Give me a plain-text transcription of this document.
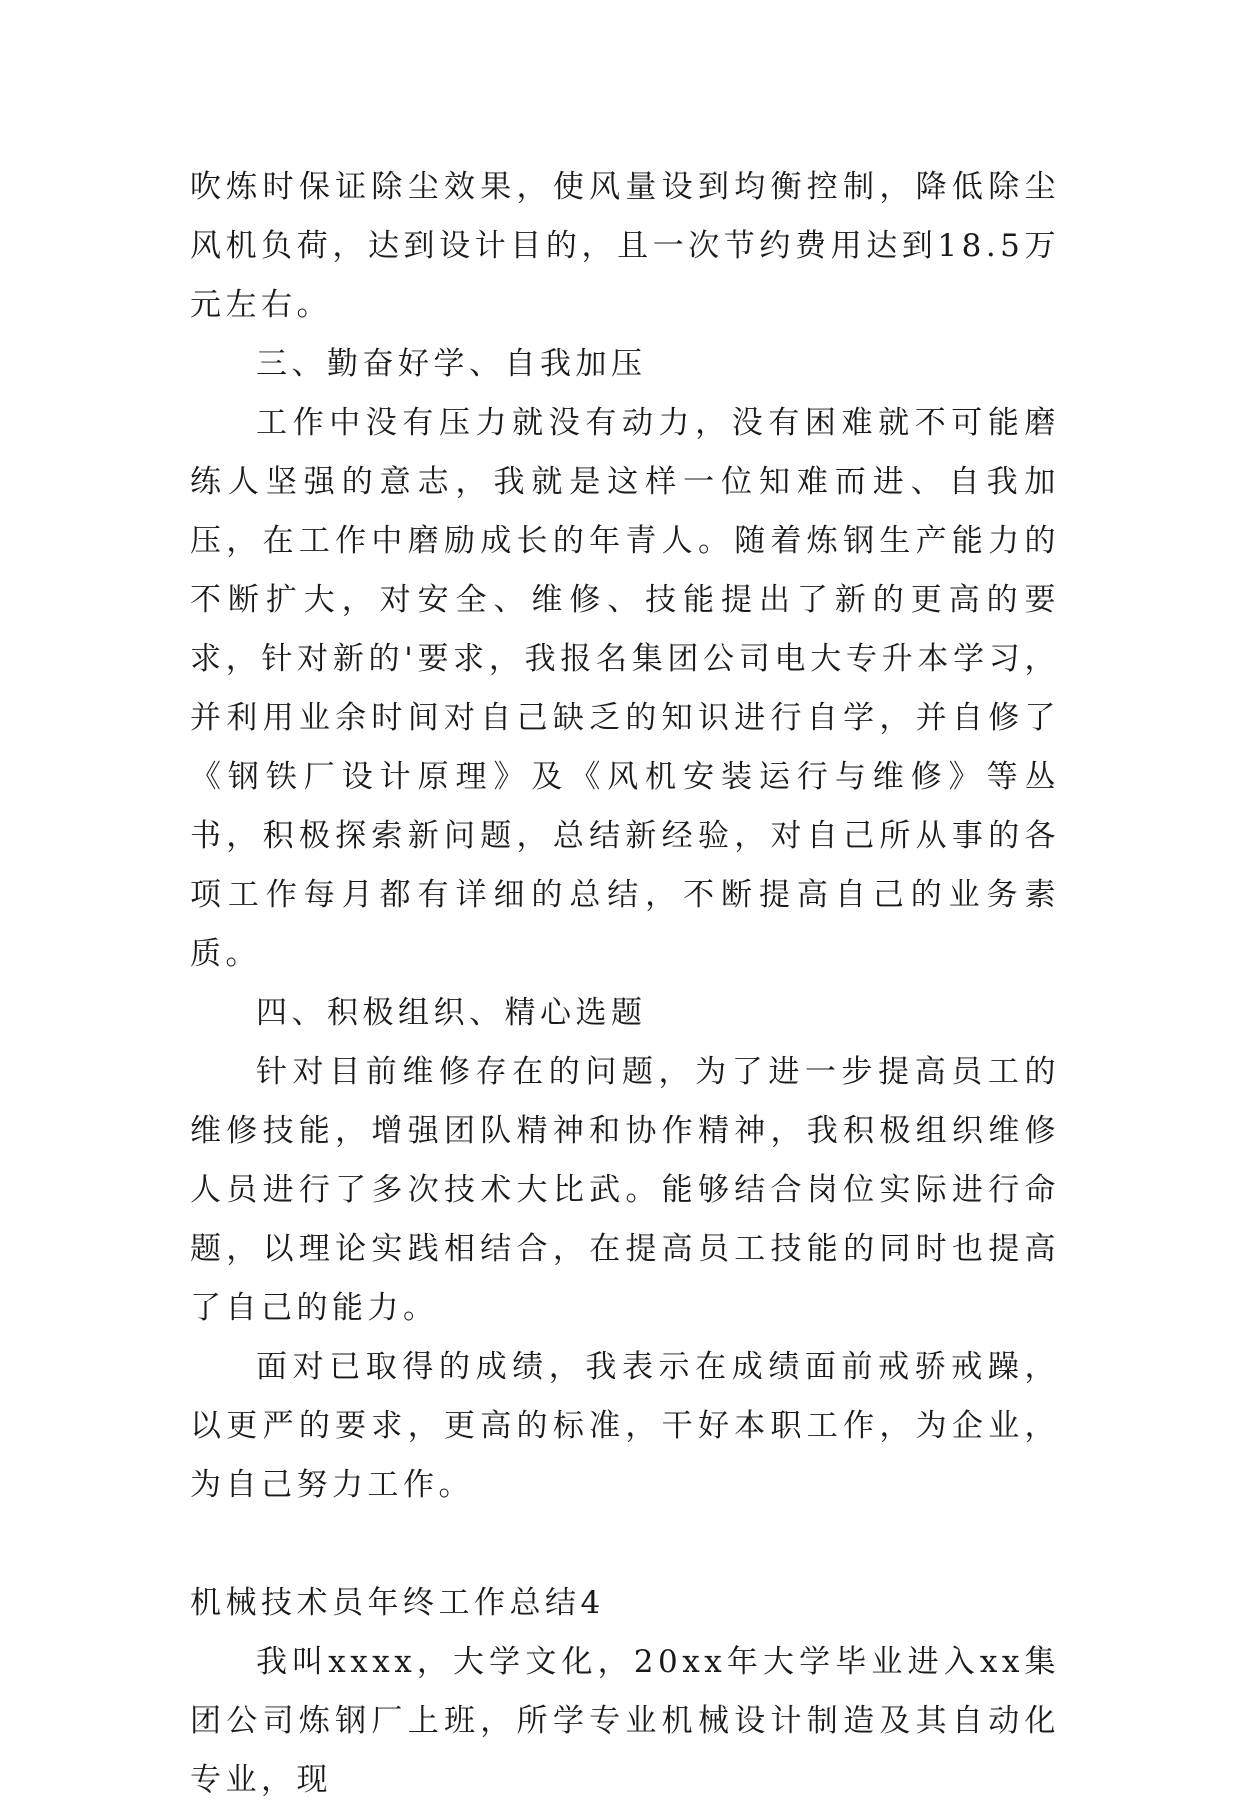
吹炼时保证除尘效果，使风量设到均衡控制，降低除尘风机负荷，达到设计目的，且一次节约费用达到18.5万元左右。

三、勤奋好学、自我加压

工作中没有压力就没有动力，没有困难就不可能磨练人坚强的意志，我就是这样一位知难而进、自我加压，在工作中磨励成长的年青人。随着炼钢生产能力的不断扩大，对安全、维修、技能提出了新的更高的要求，针对新的'要求，我报名集团公司电大专升本学习，并利用业余时间对自己缺乏的知识进行自学，并自修了《钢铁厂设计原理》及《风机安装运行与维修》等丛书，积极探索新问题，总结新经验，对自己所从事的各项工作每月都有详细的总结，不断提高自己的业务素质。

四、积极组织、精心选题

针对目前维修存在的问题，为了进一步提高员工的维修技能，增强团队精神和协作精神，我积极组织维修人员进行了多次技术大比武。能够结合岗位实际进行命题，以理论实践相结合，在提高员工技能的同时也提高了自己的能力。

面对已取得的成绩，我表示在成绩面前戒骄戒躁，以更严的要求，更高的标准，干好本职工作，为企业，为自己努力工作。

机械技术员年终工作总结4

我叫xxxx，大学文化，20xx年大学毕业进入xx集团公司炼钢厂上班，所学专业机械设计制造及其自动化专业，现
